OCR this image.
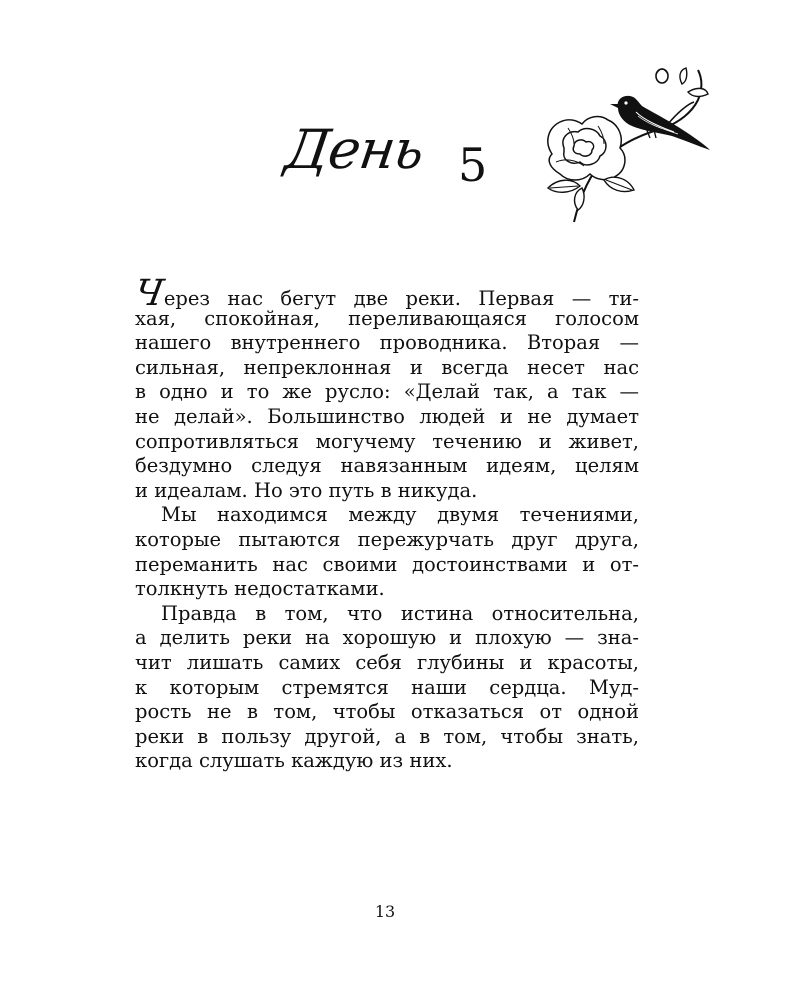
День 5
Через нас бегут две реки. Первая — ти-
хая, спокойная, переливающаяся голосом
нашего внутреннего проводника. Вторая —
сильная, непреклонная и всегда несет нас
в одно и то же русло: «Делай так, а так —
не делай». Большинство людей и не думает
сопротивляться могучему течению и живет,
бездумно следуя навязанным идеям, целям
и идеалам. Но это путь в никуда.
Мы находимся между двумя течениями,
которые пытаются пережурчать друг друга,
переманить нас своими достоинствами и от-
толкнуть недостатками.
Правда в том, что истина относительна,
а делить реки на хорошую и плохую — зна-
чит лишать самих себя глубины и красоты,
к которым стремятся наши сердца. Муд-
рость не в том, чтобы отказаться от одной
реки в пользу другой, а в том, чтобы знать,
когда слушать каждую из них.
13
